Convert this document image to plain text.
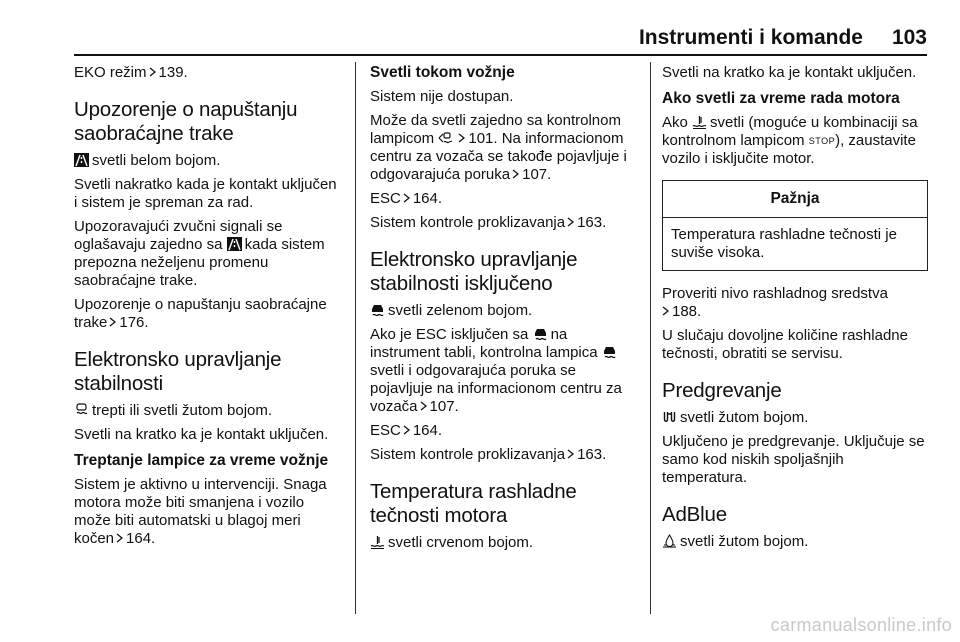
Instrumenti i komande 103

EKO režim 139.

Upozorenje o napuštanju saobraćajne trake

svetli belom bojom.

Svetli nakratko kada je kontakt uključen i sistem je spreman za rad.

Upozoravajući zvučni signali se oglašavaju zajedno sa kada sistem prepozna neželjenu promenu saobraćajne trake.

Upozorenje o napuštanju saobraćajne trake 176.

Elektronsko upravljanje stabilnosti

trepti ili svetli žutom bojom.

Svetli na kratko ka je kontakt uključen.

Treptanje lampice za vreme vožnje

Sistem je aktivno u intervenciji. Snaga motora može biti smanjena i vozilo može biti automatski u blagoj meri kočen 164.

Svetli tokom vožnje

Sistem nije dostupan.

Može da svetli zajedno sa kontrolnom lampicom 101. Na informacionom centru za vozača se takođe pojavljuje i odgovarajuća poruka 107.

ESC 164.

Sistem kontrole proklizavanja 163.

Elektronsko upravljanje stabilnosti isključeno

svetli zelenom bojom.

Ako je ESC isključen sa na instrument tabli, kontrolna lampica
svetli i odgovarajuća poruka se pojavljuje na informacionom centru za vozača 107.

ESC 164.

Sistem kontrole proklizavanja 163.

Temperatura rashladne tečnosti motora

svetli crvenom bojom.

Svetli na kratko ka je kontakt uključen.

Ako svetli za vreme rada motora

Ako svetli (moguće u kombinaciji sa kontrolnom lampicom STOP), zaustavite vozilo i isključite motor.

Pažnja
Temperatura rashladne tečnosti je suviše visoka.

Proveriti nivo rashladnog sredstva

188.

U slučaju dovoljne količine rashladne tečnosti, obratiti se servisu.

Predgrevanje

svetli žutom bojom.

Uključeno je predgrevanje. Uključuje se samo kod niskih spoljašnjih temperatura.

AdBlue

svetli žutom bojom.

carmanualsonline.info
